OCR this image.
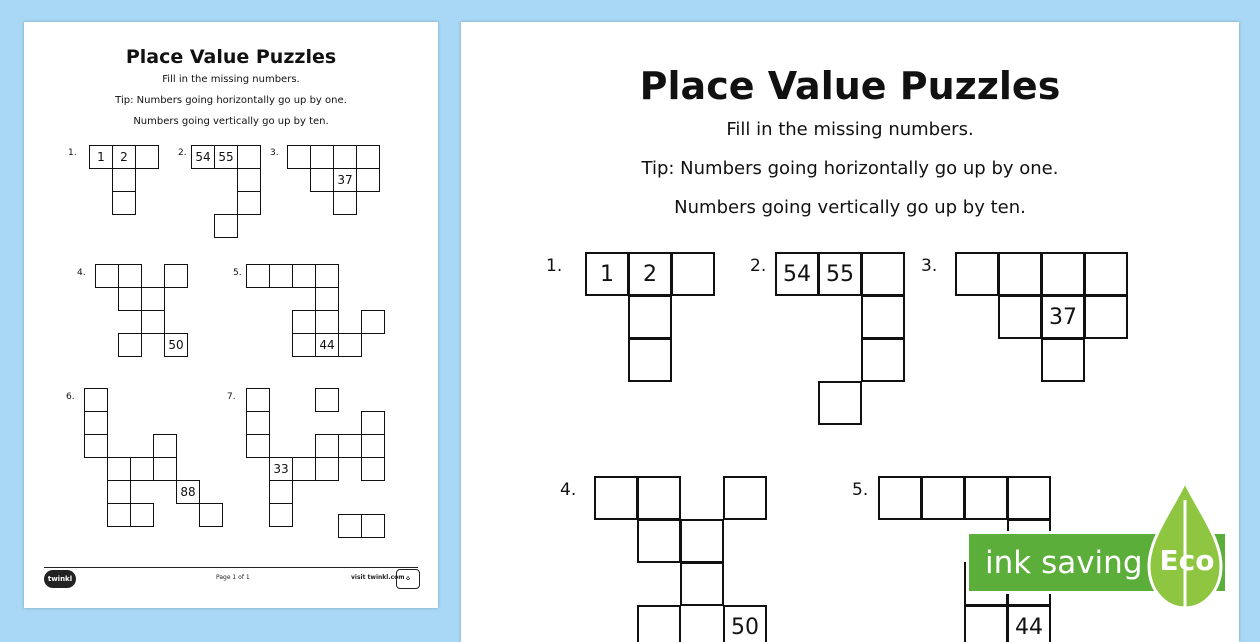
Place Value Puzzles
Fill in the missing numbers.
Tip: Numbers going horizontally go up by one.
Numbers going vertically go up by ten.
1.	1	2	2. 54 55	3.
37
4.
50
5.
44
6.
88
7.
33
twinkl	Page 1 of 1	visit twinkl.com ♻
Place Value Puzzles
Fill in the missing numbers.
Tip: Numbers going horizontally go up by one.
Numbers going vertically go up by ten.
1.	1	2	2. 54 55	3.
37
4.
50
5.
44
ink saving Eco
